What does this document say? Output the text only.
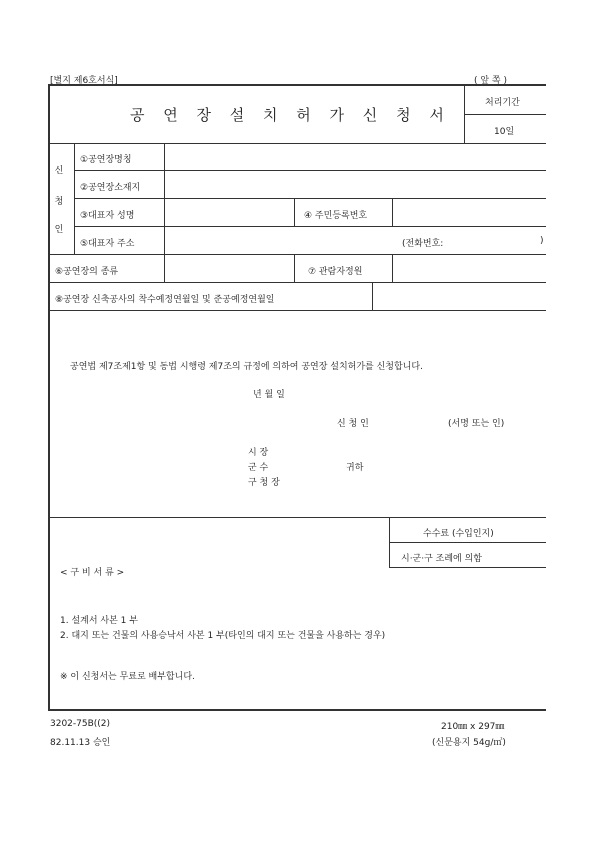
[별지 제6호서식]	( 앞 쪽 )
공 연 장 설 치 허 가 신 청 서
처리기간
10일
신
청
인
①공연장명칭
②공연장소재지
③대표자 성명	④ 주민등록번호
⑤대표자 주소	(전화번호:	)
⑥공연장의 종류	⑦ 관람자정원
⑧공연장 신축공사의 착수예정연월일 및 준공예정연월일
공연법 제7조제1항 및 동법 시행령 제7조의 규정에 의하여 공연장 설치허가를 신청합니다.
년 월 일
신 청 인	(서명 또는 인)
시 장
군 수
구 청 장
귀하
수수료 (수입인지)
시·군·구 조례에 의함
< 구 비 서 류 >
1. 설계서 사본 1 부
2. 대지 또는 건물의 사용승낙서 사본 1 부(타인의 대지 또는 건물을 사용하는 경우)
※ 이 신청서는 무료로 배부합니다.
3202-75B((2)
82.11.13 승인
210㎜ x 297㎜
(신문용지 54g/㎡)
